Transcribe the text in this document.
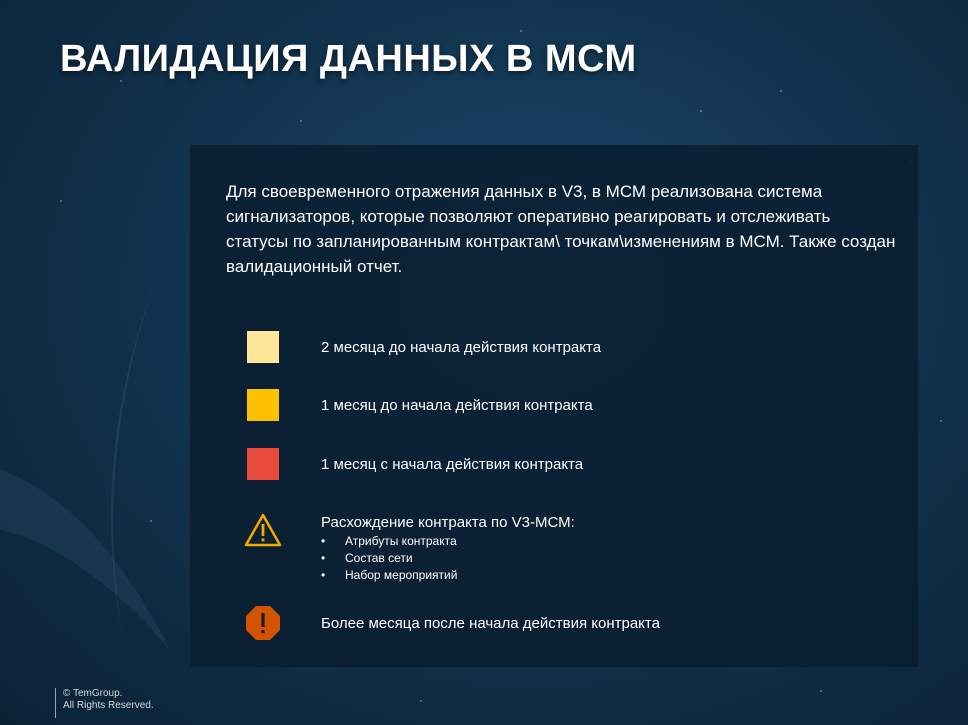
ВАЛИДАЦИЯ ДАННЫХ В МСМ

Для своевременного отражения данных в V3, в МСМ реализована система сигнализаторов, которые позволяют оперативно реагировать и отслеживать статусы по запланированным контрактам\ точкам\изменениям в МСМ. Также создан валидационный отчет.

2 месяца до начала действия контракта
1 месяц до начала действия контракта
1 месяц с начала действия контракта
Расхождение контракта по V3-МСМ:
• Атрибуты контракта
• Состав сети
• Набор мероприятий
Более месяца после начала действия контракта
© TemGroup.
All Rights Reserved.
